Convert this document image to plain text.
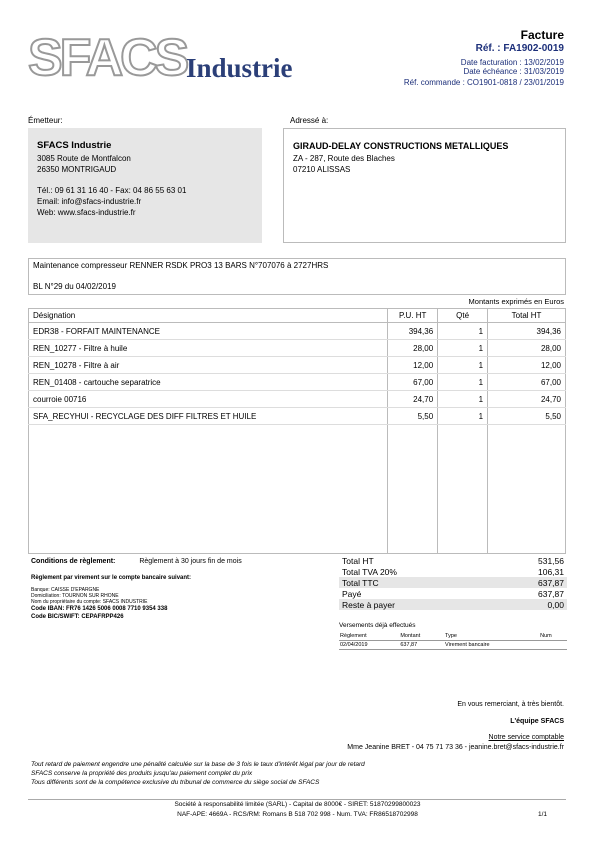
SFACS Industrie
Facture
Réf. : FA1902-0019
Date facturation : 13/02/2019
Date échéance : 31/03/2019
Réf. commande : CO1901-0818 / 23/01/2019
Émetteur:	Adressé à:
SFACS Industrie
3085 Route de Montfalcon
26350 MONTRIGAUD
Tél.: 09 61 31 16 40 - Fax: 04 86 55 63 01
Email: info@sfacs-industrie.fr
Web: www.sfacs-industrie.fr
GIRAUD-DELAY CONSTRUCTIONS METALLIQUES
ZA - 287, Route des Blaches
07210 ALISSAS
Maintenance compresseur RENNER RSDK PRO3 13 BARS N°707076 à 2727HRS
BL N°29 du 04/02/2019
Montants exprimés en Euros
Désignation	P.U. HT	Qté	Total HT
EDR38 - FORFAIT MAINTENANCE	394,36	1	394,36
REN_10277 - Filtre à huile	28,00	1	28,00
REN_10278 - Filtre à air	12,00	1	12,00
REN_01408 - cartouche separatrice	67,00	1	67,00
courroie 00716	24,70	1	24,70
SFA_RECYHUI - RECYCLAGE DES DIFF FILTRES ET HUILE	5,50	1	5,50

Conditions de règlement:	Règlement à 30 jours fin de mois
Règlement par virement sur le compte bancaire suivant:
Banque: CAISSE D'EPARGNE
Domiciliation: TOURNON SUR RHONE
Nom du propriétaire du compte: SFACS INDUSTRIE
Code IBAN: FR76 1426 5006 0008 7710 9354 338
Code BIC/SWIFT: CEPAFRPP426
Total HT	531,56
Total TVA 20%	106,31
Total TTC	637,87
Payé	637,87
Reste à payer	0,00
Versements déjà effectués
Règlement	Montant	Type	Num
02/04/2019	637,87	Virement bancaire	
En vous remerciant, à très bientôt.
L'équipe SFACS
Notre service comptable
Mme Jeanine BRET - 04 75 71 73 36 - jeanine.bret@sfacs-industrie.fr
Tout retard de paiement engendre une pénalité calculée sur la base de 3 fois le taux d'intérêt légal par jour de retard
SFACS conserve la propriété des produits jusqu'au paiement complet du prix
Tous différents sont de la compétence exclusive du tribunal de commerce du siège social de SFACS
Société à responsabilité limitée (SARL) - Capital de 8000€ - SIRET: 51870299800023
NAF-APE: 4669A - RCS/RM: Romans B 518 702 998 - Num. TVA: FR86518702998	1/1
